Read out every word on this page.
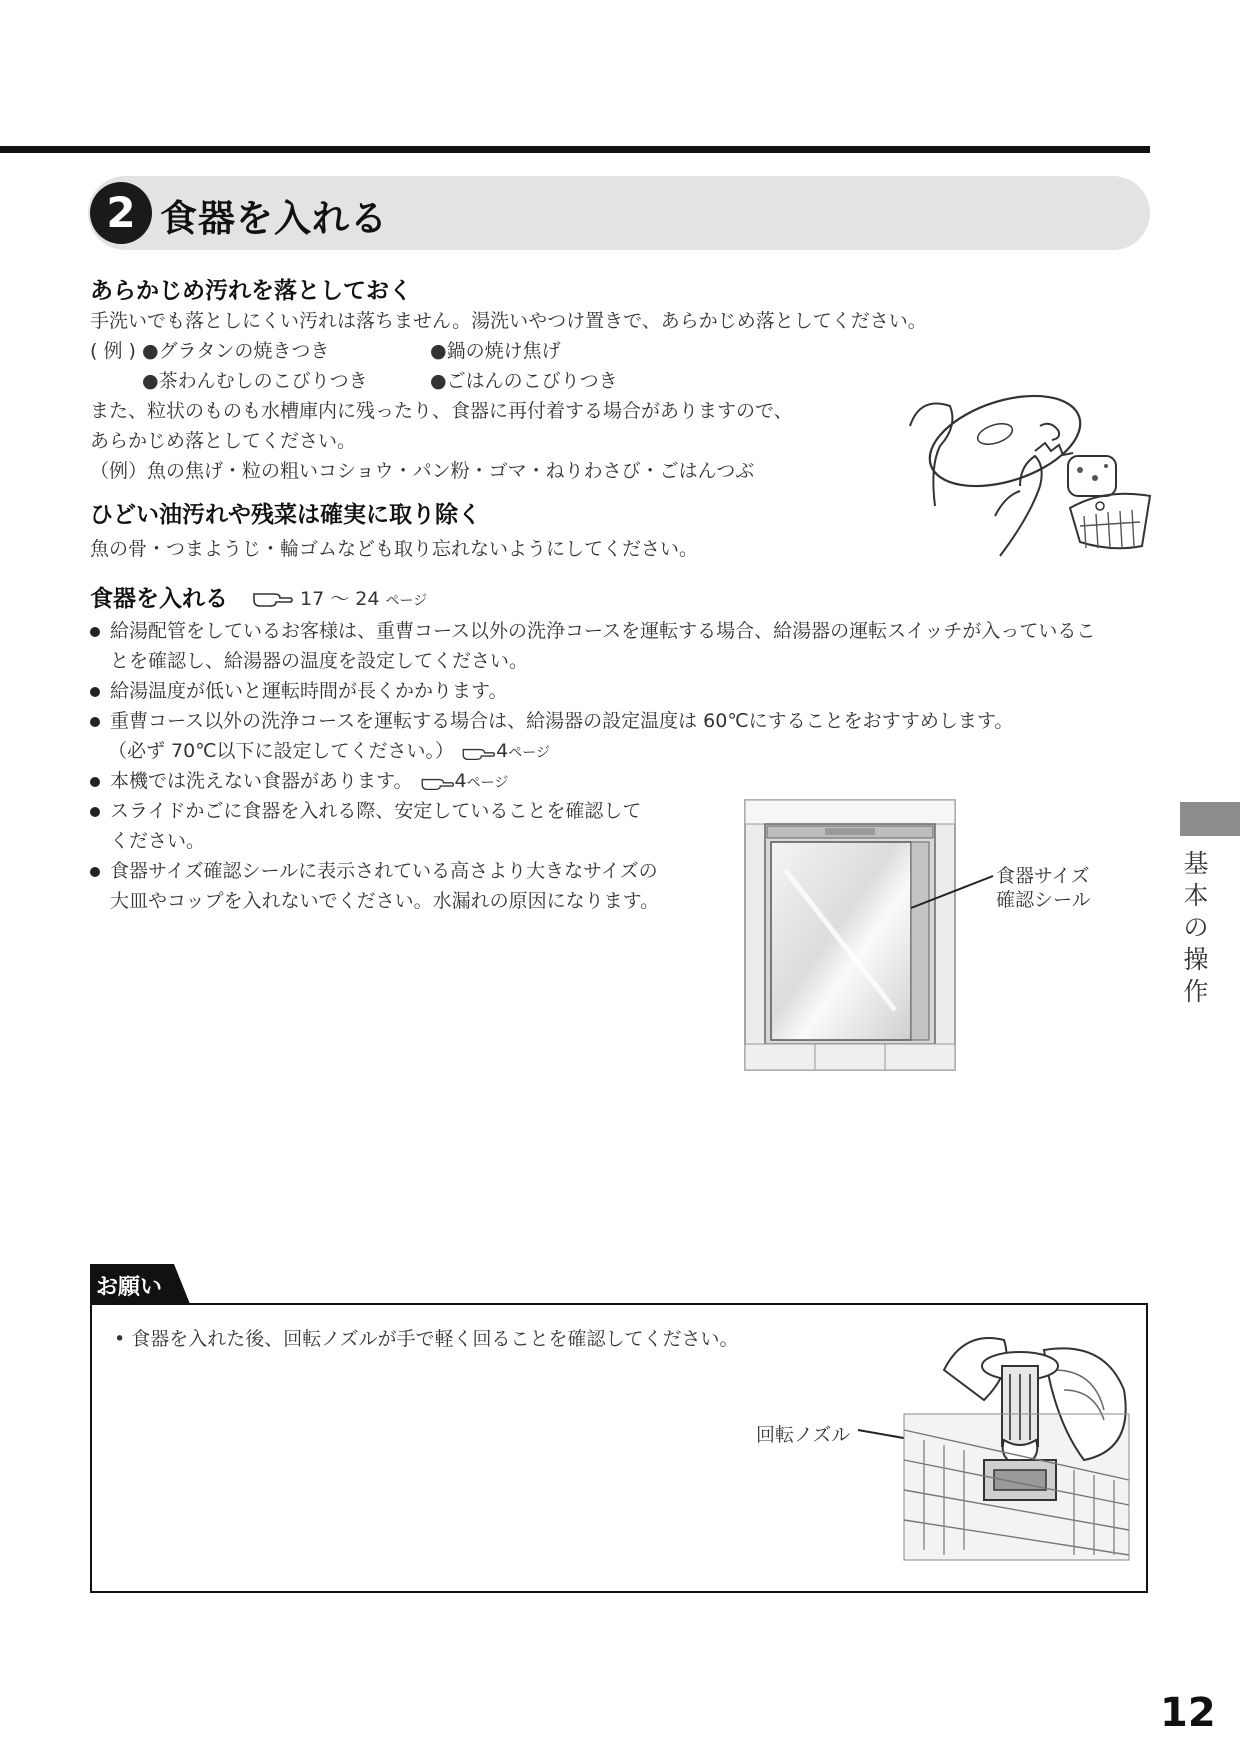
2 食器を入れる
あらかじめ汚れを落としておく
手洗いでも落としにくい汚れは落ちません。湯洗いやつけ置きで、あらかじめ落としてください。
( 例 ) ●グラタンの焼きつき	●鍋の焼け焦げ
●茶わんむしのこびりつき	●ごはんのこびりつき
また、粒状のものも水槽庫内に残ったり、食器に再付着する場合がありますので、
あらかじめ落としてください。
（例）魚の焦げ・粒の粗いコショウ・パン粉・ゴマ・ねりわさび・ごはんつぶ
ひどい油汚れや残菜は確実に取り除く
魚の骨・つまようじ・輪ゴムなども取り忘れないようにしてください。
食器を入れる	17 ～ 24 ページ
給湯配管をしているお客様は、重曹コース以外の洗浄コースを運転する場合、給湯器の運転スイッチが入っているこ
とを確認し、給湯器の温度を設定してください。
給湯温度が低いと運転時間が長くかかります。
重曹コース以外の洗浄コースを運転する場合は、給湯器の設定温度は 60℃にすることをおすすめします。
（必ず 70℃以下に設定してください。） 4ページ
本機では洗えない食器があります。 4ページ
スライドかごに食器を入れる際、安定していることを確認して
ください。
食器サイズ確認シールに表示されている高さより大きなサイズの
大皿やコップを入れないでください。水漏れの原因になります。
食器サイズ
確認シール
基
本
の
操
作
お願い
• 食器を入れた後、回転ノズルが手で軽く回ることを確認してください。
回転ノズル
12
